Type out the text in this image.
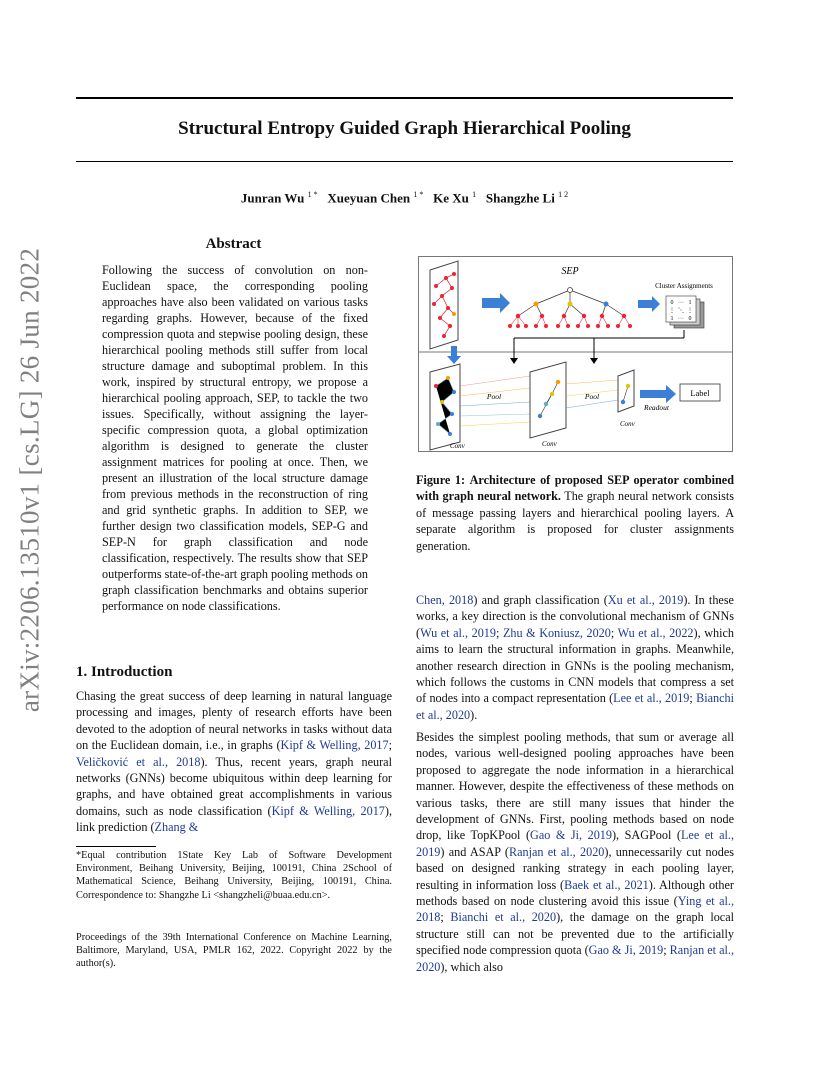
Structural Entropy Guided Graph Hierarchical Pooling
Junran Wu $^{1 *}$ Xueyuan Chen $^{1 *}$ Ke Xu $^1$ Shangzhe Li $^{1 2}$
arXiv:2206.13510v1 [cs.LG] 26 Jun 2022
Abstract
Following the success of convolution on non-Euclidean space, the corresponding pooling approaches have also been validated on various tasks regarding graphs. However, because of the fixed compression quota and stepwise pooling design, these hierarchical pooling methods still suffer from local structure damage and suboptimal problem. In this work, inspired by structural entropy, we propose a hierarchical pooling approach, SEP, to tackle the two issues. Specifically, without assigning the layer-specific compression quota, a global optimization algorithm is designed to generate the cluster assignment matrices for pooling at once. Then, we present an illustration of the local structure damage from previous methods in the reconstruction of ring and grid synthetic graphs. In addition to SEP, we further design two classification models, SEP-G and SEP-N for graph classification and node classification, respectively. The results show that SEP outperforms state-of-the-art graph pooling methods on graph classification benchmarks and obtains superior performance on node classifications.
1. Introduction
Chasing the great success of deep learning in natural language processing and images, plenty of research efforts have been devoted to the adoption of neural networks in tasks without data on the Euclidean domain, i.e., in graphs (Kipf & Welling, 2017; Veličković et al., 2018). Thus, recent years, graph neural networks (GNNs) become ubiquitous within deep learning for graphs, and have obtained great accomplishments in various domains, such as node classification (Kipf & Welling, 2017), link prediction (Zhang &
*Equal contribution 1State Key Lab of Software Development Environment, Beihang University, Beijing, 100191, China 2School of Mathematical Science, Beihang University, Beijing, 100191, China. Correspondence to: Shangzhe Li <shangzheli@buaa.edu.cn>.
Proceedings of the 39th International Conference on Machine Learning, Baltimore, Maryland, USA, PMLR 162, 2022. Copyright 2022 by the author(s).
SEP
Cluster Assignments
0 ··· 1
⋮ ⋱ ⋮
1 ··· 0
Conv
Pool
Conv
Pool
Conv
Readout
Label
Figure 1: Architecture of proposed SEP operator combined with graph neural network. The graph neural network consists of message passing layers and hierarchical pooling layers. A separate algorithm is proposed for cluster assignments generation.
Chen, 2018) and graph classification (Xu et al., 2019). In these works, a key direction is the convolutional mechanism of GNNs (Wu et al., 2019; Zhu & Koniusz, 2020; Wu et al., 2022), which aims to learn the structural information in graphs. Meanwhile, another research direction in GNNs is the pooling mechanism, which follows the customs in CNN models that compress a set of nodes into a compact representation (Lee et al., 2019; Bianchi et al., 2020).
Besides the simplest pooling methods, that sum or average all nodes, various well-designed pooling approaches have been proposed to aggregate the node information in a hierarchical manner. However, despite the effectiveness of these methods on various tasks, there are still many issues that hinder the development of GNNs. First, pooling methods based on node drop, like TopKPool (Gao & Ji, 2019), SAGPool (Lee et al., 2019) and ASAP (Ranjan et al., 2020), unnecessarily cut nodes based on designed ranking strategy in each pooling layer, resulting in information loss (Baek et al., 2021). Although other methods based on node clustering avoid this issue (Ying et al., 2018; Bianchi et al., 2020), the damage on the graph local structure still can not be prevented due to the artificially specified node compression quota (Gao & Ji, 2019; Ranjan et al., 2020), which also
